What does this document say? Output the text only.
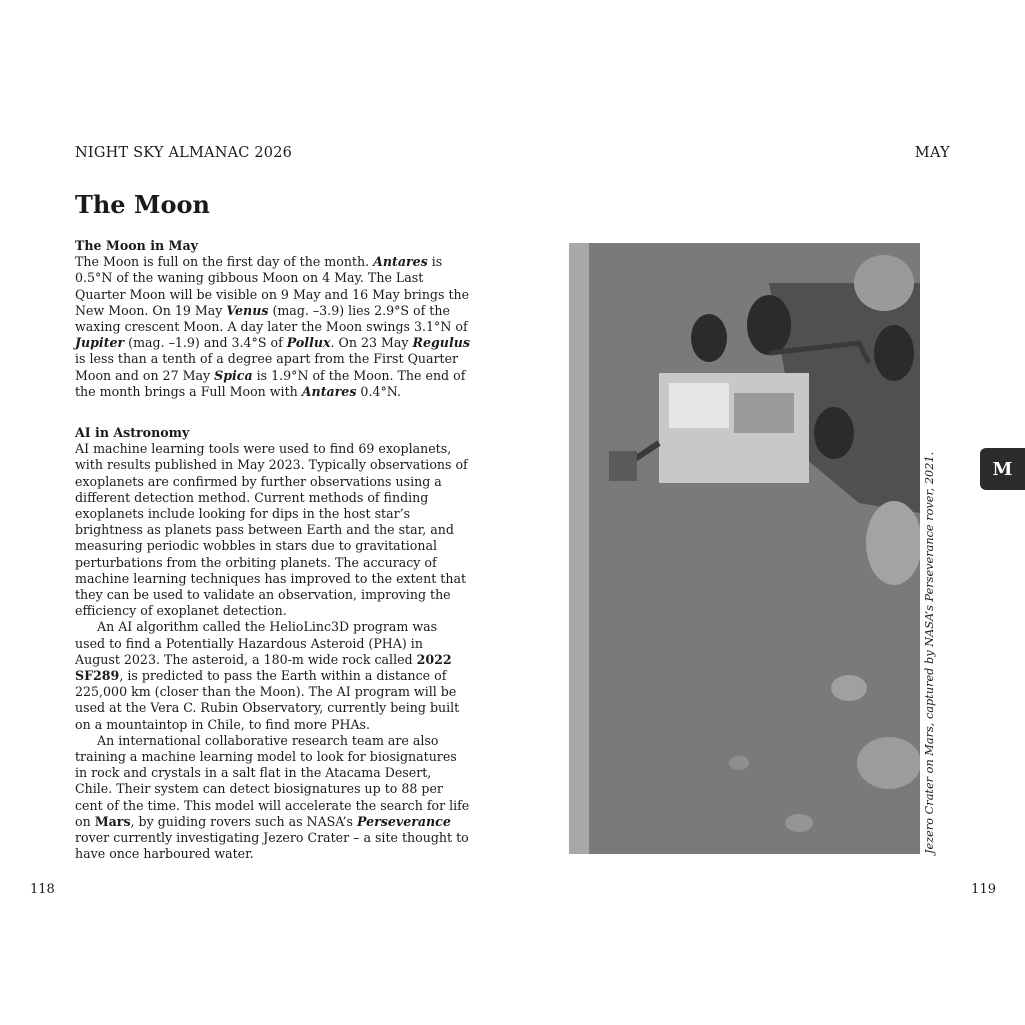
NIGHT SKY ALMANAC 2026	MAY
The Moon
The Moon in May

The Moon is full on the first day of the month. Antares is 0.5°N of the waning gibbous Moon on 4 May. The Last Quarter Moon will be visible on 9 May and 16 May brings the New Moon. On 19 May Venus (mag. –3.9) lies 2.9°S of the waxing crescent Moon. A day later the Moon swings 3.1°N of Jupiter (mag. –1.9) and 3.4°S of Pollux. On 23 May Regulus is less than a tenth of a degree apart from the First Quarter Moon and on 27 May Spica is 1.9°N of the Moon. The end of the month brings a Full Moon with Antares 0.4°N.

AI in Astronomy

AI machine learning tools were used to find 69 exoplanets, with results published in May 2023. Typically observations of exoplanets are confirmed by further observations using a different detection method. Current methods of finding exoplanets include looking for dips in the host star’s brightness as planets pass between Earth and the star, and measuring periodic wobbles in stars due to gravitational perturbations from the orbiting planets. The accuracy of machine learning techniques has improved to the extent that they can be used to validate an observation, improving the efficiency of exoplanet detection.

An AI algorithm called the HelioLinc3D program was used to find a Potentially Hazardous Asteroid (PHA) in August 2023. The asteroid, a 180-m wide rock called 2022 SF289, is predicted to pass the Earth within a distance of 225,000 km (closer than the Moon). The AI program will be used at the Vera C. Rubin Observatory, currently being built on a mountaintop in Chile, to find more PHAs.

An international collaborative research team are also training a machine learning model to look for biosignatures in rock and crystals in a salt flat in the Atacama Desert, Chile. Their system can detect biosignatures up to 88 per cent of the time. This model will accelerate the search for life on Mars, by guiding rovers such as NASA’s Perseverance rover currently investigating Jezero Crater – a site thought to have once harboured water.	Jezero Crater on Mars, captured by NASA’s Perseverance rover, 2021.	M
118	119
